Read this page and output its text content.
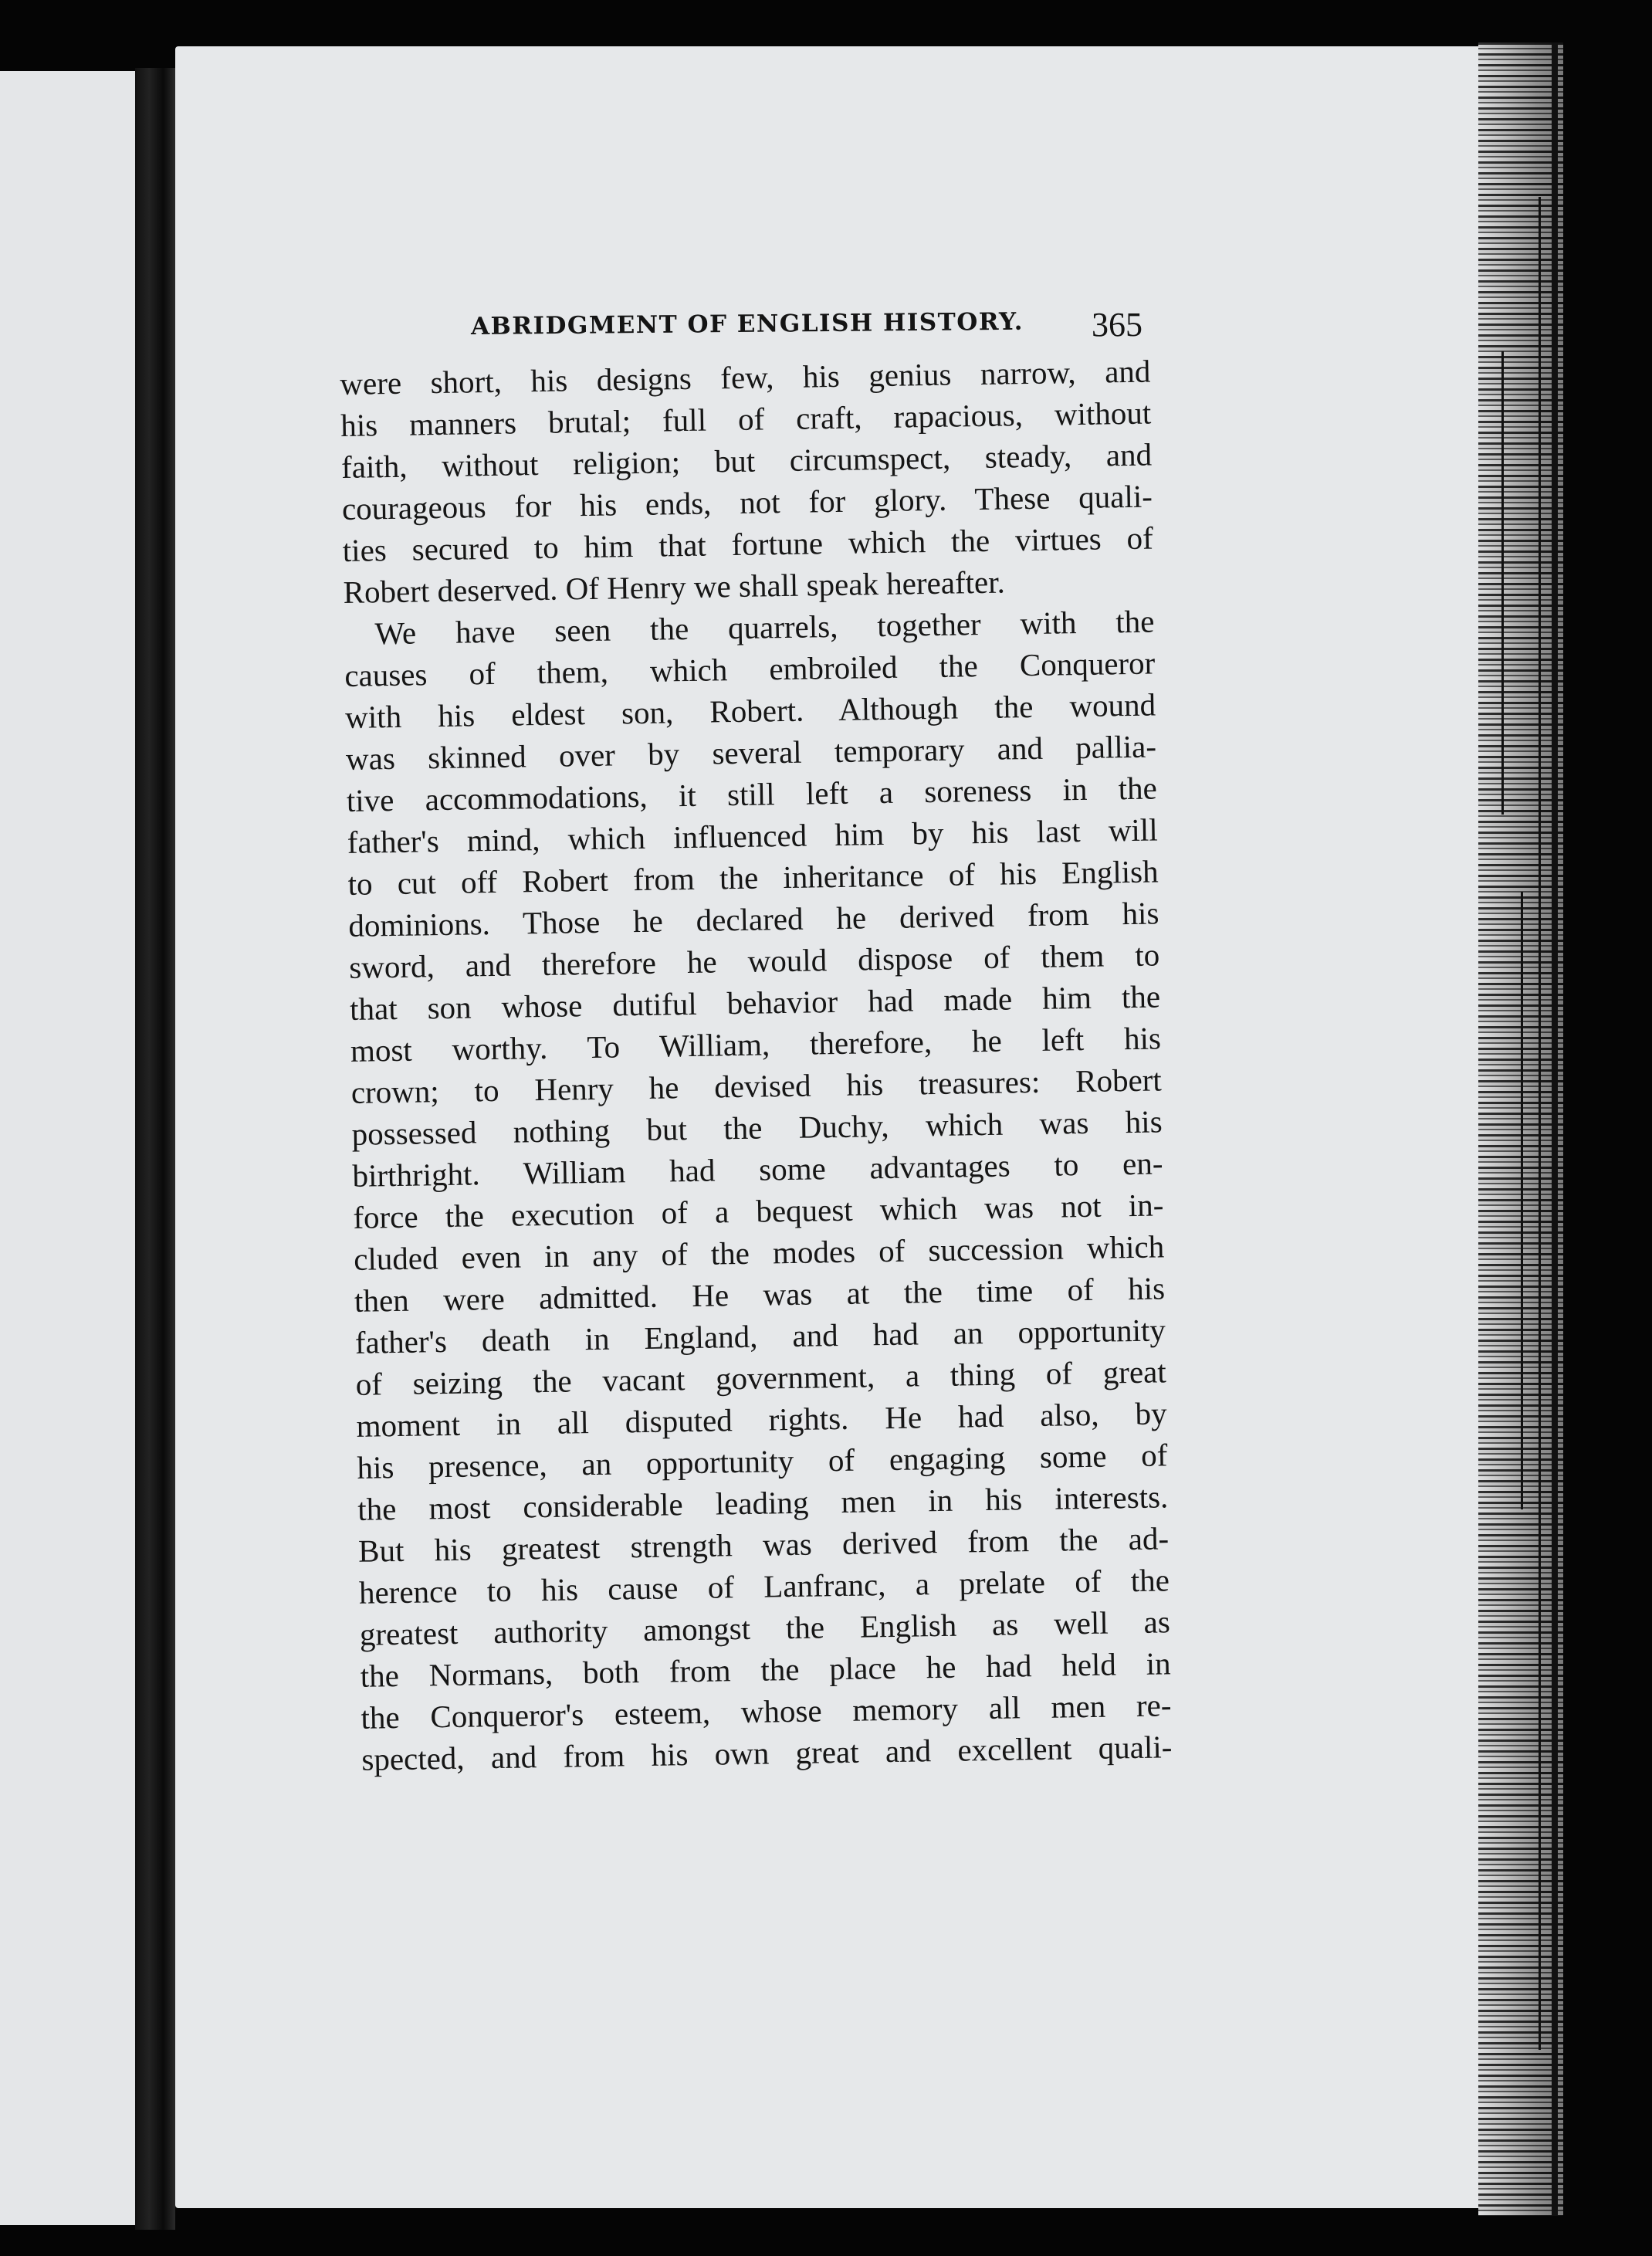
ABRIDGMENT OF ENGLISH HISTORY. 365
were short, his designs few, his genius narrow, and
his manners brutal; full of craft, rapacious, without
faith, without religion; but circumspect, steady, and
courageous for his ends, not for glory. These quali-
ties secured to him that fortune which the virtues of
Robert deserved. Of Henry we shall speak hereafter.
We have seen the quarrels, together with the
causes of them, which embroiled the Conqueror
with his eldest son, Robert. Although the wound
was skinned over by several temporary and pallia-
tive accommodations, it still left a soreness in the
father's mind, which influenced him by his last will
to cut off Robert from the inheritance of his English
dominions. Those he declared he derived from his
sword, and therefore he would dispose of them to
that son whose dutiful behavior had made him the
most worthy. To William, therefore, he left his
crown; to Henry he devised his treasures: Robert
possessed nothing but the Duchy, which was his
birthright. William had some advantages to en-
force the execution of a bequest which was not in-
cluded even in any of the modes of succession which
then were admitted. He was at the time of his
father's death in England, and had an opportunity
of seizing the vacant government, a thing of great
moment in all disputed rights. He had also, by
his presence, an opportunity of engaging some of
the most considerable leading men in his interests.
But his greatest strength was derived from the ad-
herence to his cause of Lanfranc, a prelate of the
greatest authority amongst the English as well as
the Normans, both from the place he had held in
the Conqueror's esteem, whose memory all men re-
spected, and from his own great and excellent quali-
